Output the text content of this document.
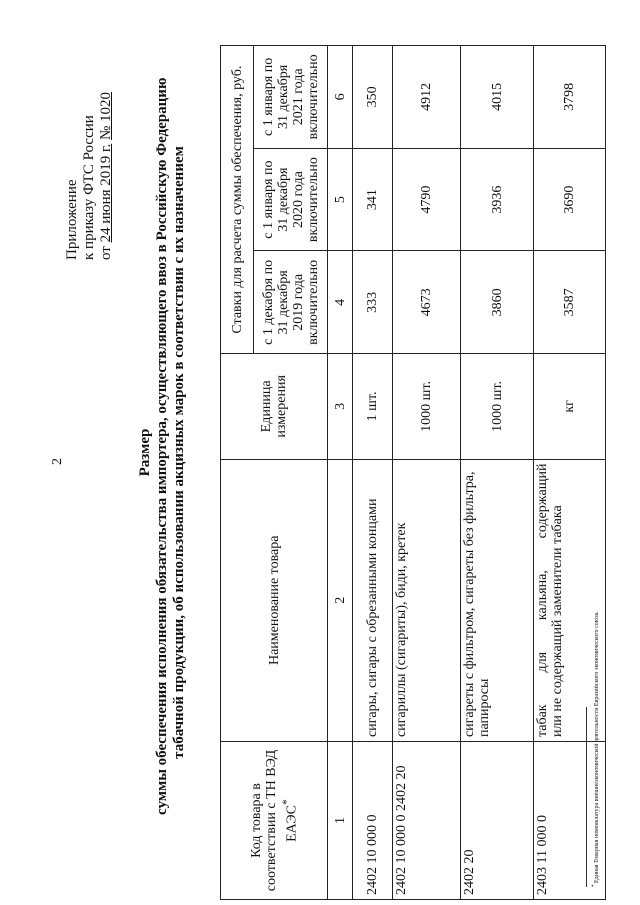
2
Приложение к приказу ФТС России от 24 июня 2019 г. № 1020
Размер суммы обеспечения исполнения обязательства импортера, осуществляющего ввоз в Российскую Федерацию табачной продукции, об использовании акцизных марок в соответствии с их назначением
Код товара в соответствии с ТН ВЭД ЕАЭС*	Наименование товара	Единица измерения	Ставки для расчета суммы обеспечения, руб.		
			с 1 декабря по 31 декабря 2019 года включительно	с 1 января по 31 декабря 2020 года включительно	с 1 января по 31 декабря 2021 года включительно
1	2	3	4	5	6
2402 10 000 0	сигары, сигары с обрезанными концами	1 шт.	333	341	350
2402 10 000 0 2402 20	сигариллы (сигариты), биди, кретек	1000 шт.	4673	4790	4912
2402 20	сигареты с фильтром, сигареты без фильтра, папиросы	1000 шт.	3860	3936	4015
2403 11 000 0	табак для кальяна, содержащий или не содержащий заменители табака	кг	3587	3690	3798
* Единая Товарная номенклатура внешнеэкономической деятельности Евразийского экономического союза.
